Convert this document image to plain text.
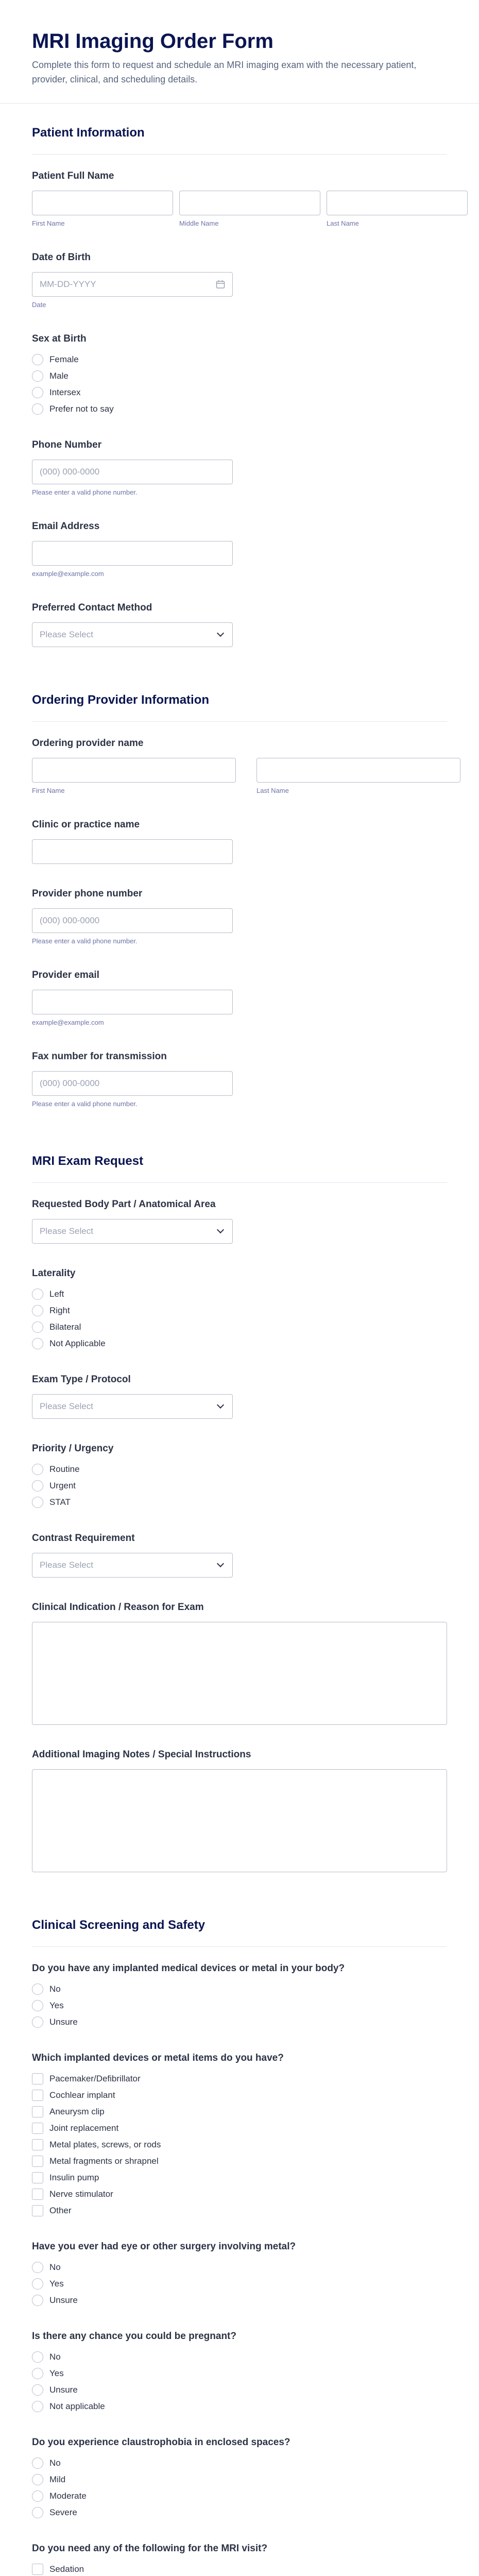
MRI Imaging Order Form

Complete this form to request and schedule an MRI imaging exam with the necessary patient, provider, clinical, and scheduling details.

Patient Information
Patient Full Name
First Name	Middle Name	Last Name
Date of Birth
MM-DD-YYYY
Date
Sex at Birth
Female
Male
Intersex
Prefer not to say
Phone Number
(000) 000-0000
Please enter a valid phone number.
Email Address
example@example.com
Preferred Contact Method
Please Select
Ordering Provider Information
Ordering provider name
First Name	Last Name
Clinic or practice name
Provider phone number
(000) 000-0000
Please enter a valid phone number.
Provider email
example@example.com
Fax number for transmission
(000) 000-0000
Please enter a valid phone number.
MRI Exam Request
Requested Body Part / Anatomical Area
Please Select
Laterality
Left
Right
Bilateral
Not Applicable
Exam Type / Protocol
Please Select
Priority / Urgency
Routine
Urgent
STAT
Contrast Requirement
Please Select
Clinical Indication / Reason for Exam
Additional Imaging Notes / Special Instructions
Clinical Screening and Safety
Do you have any implanted medical devices or metal in your body?
No
Yes
Unsure
Which implanted devices or metal items do you have?
Pacemaker/Defibrillator
Cochlear implant
Aneurysm clip
Joint replacement
Metal plates, screws, or rods
Metal fragments or shrapnel
Insulin pump
Nerve stimulator
Other
Have you ever had eye or other surgery involving metal?
No
Yes
Unsure
Is there any chance you could be pregnant?
No
Yes
Unsure
Not applicable
Do you experience claustrophobia in enclosed spaces?
No
Mild
Moderate
Severe
Do you need any of the following for the MRI visit?
Sedation
